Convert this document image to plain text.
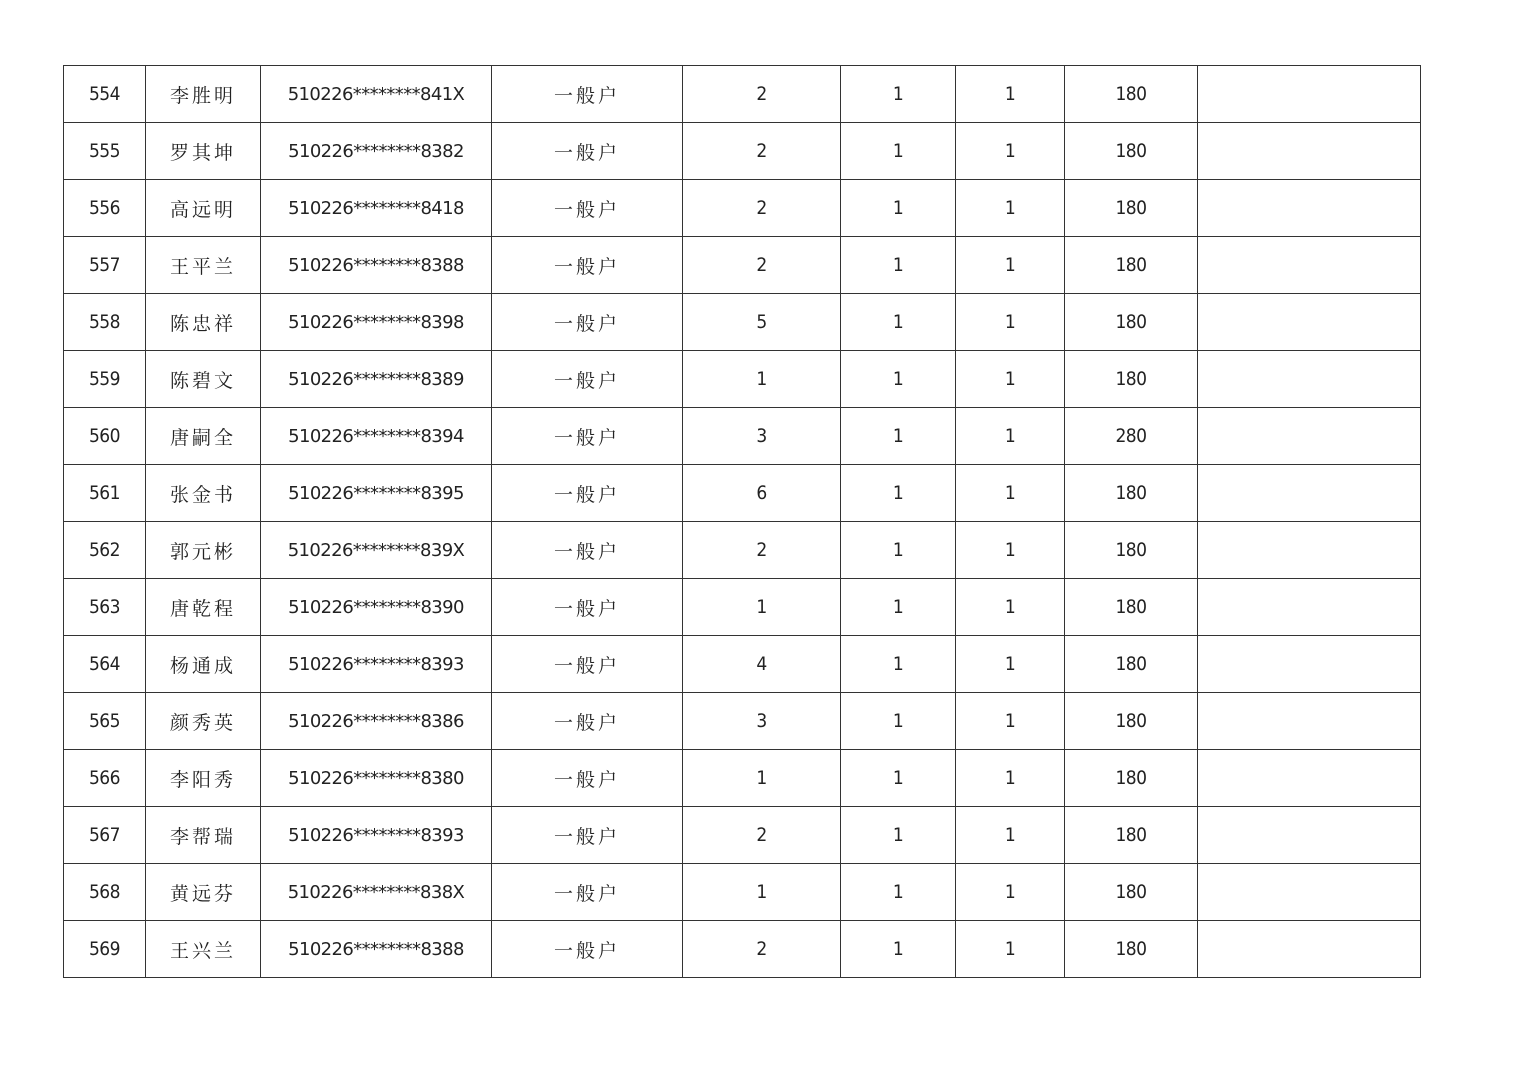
554	李胜明	510226********841X	一般户	2	1	1	180	
555	罗其坤	510226********8382	一般户	2	1	1	180	
556	高远明	510226********8418	一般户	2	1	1	180	
557	王平兰	510226********8388	一般户	2	1	1	180	
558	陈忠祥	510226********8398	一般户	5	1	1	180	
559	陈碧文	510226********8389	一般户	1	1	1	180	
560	唐嗣全	510226********8394	一般户	3	1	1	280	
561	张金书	510226********8395	一般户	6	1	1	180	
562	郭元彬	510226********839X	一般户	2	1	1	180	
563	唐乾程	510226********8390	一般户	1	1	1	180	
564	杨通成	510226********8393	一般户	4	1	1	180	
565	颜秀英	510226********8386	一般户	3	1	1	180	
566	李阳秀	510226********8380	一般户	1	1	1	180	
567	李帮瑞	510226********8393	一般户	2	1	1	180	
568	黄远芬	510226********838X	一般户	1	1	1	180	
569	王兴兰	510226********8388	一般户	2	1	1	180	
